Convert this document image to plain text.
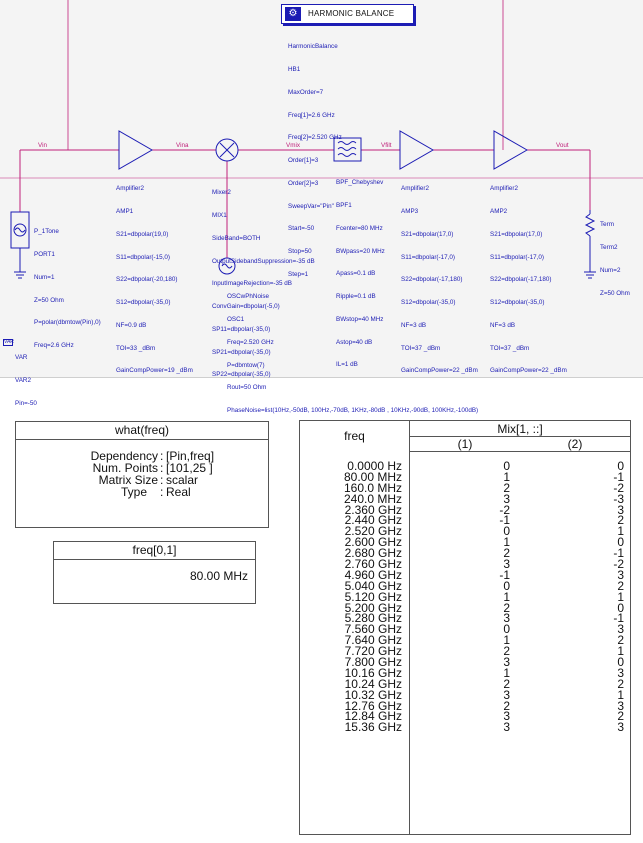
⚙	HARMONIC BALANCE

HarmonicBalance

HB1

MaxOrder=7

Freq[1]=2.6 GHz

Freq[2]=2.520 GHz

Order[1]=3

Order[2]=3

SweepVar="Pin"

Start=-50

Stop=50

Step=1

Vin	Vina	Vmix	Vfilt	Vout

P_1Tone

PORT1

Num=1

Z=50 Ohm

P=polar(dbmtow(Pin),0)

Freq=2.6 GHz

Amplifier2

AMP1

S21=dbpolar(19,0)

S11=dbpolar(-15,0)

S22=dbpolar(-20,180)

S12=dbpolar(-35,0)

NF=0.9 dB

TOI=33 _dBm

GainCompPower=19 _dBm

Mixer2

MIX1

SideBand=BOTH

OutputSidebandSuppression=-35 dB

InputImageRejection=-35 dB

ConvGain=dbpolar(-5,0)

SP11=dbpolar(-35,0)

SP21=dbpolar(-35,0)

SP22=dbpolar(-35,0)

BPF_Chebyshev

BPF1

Fcenter=80 MHz

BWpass=20 MHz

Apass=0.1 dB

Ripple=0.1 dB

BWstop=40 MHz

Astop=40 dB

IL=1 dB

Amplifier2

AMP3

S21=dbpolar(17,0)

S11=dbpolar(-17,0)

S22=dbpolar(-17,180)

S12=dbpolar(-35,0)

NF=3 dB

TOI=37 _dBm

GainCompPower=22 _dBm

Amplifier2

AMP2

S21=dbpolar(17,0)

S11=dbpolar(-17,0)

S22=dbpolar(-17,180)

S12=dbpolar(-35,0)

NF=3 dB

TOI=37 _dBm

GainCompPower=22 _dBm

Term

Term2

Num=2

Z=50 Ohm

OSCwPhNoise

OSC1

Freq=2.520 GHz

P=dbmtow(7)

Rout=50 Ohm

PhaseNoise=list(10Hz,-50dB, 100Hz,-70dB, 1KHz,-80dB , 10KHz,-90dB, 100KHz,-100dB)

VAR

VAR

VAR2

Pin=-50

what(freq)
Dependency : [Pin,freq]
Num. Points : [101,25 ]
Matrix Size : scalar
Type : Real
freq[0,1]
80.00 MHz
freq	Mix[1, ::]
(1)	(2)
0.0000 Hz	0	0
80.00 MHz	1	-1
160.0 MHz	2	-2
240.0 MHz	3	-3
2.360 GHz	-2	3
2.440 GHz	-1	2
2.520 GHz	0	1
2.600 GHz	1	0
2.680 GHz	2	-1
2.760 GHz	3	-2
4.960 GHz	-1	3
5.040 GHz	0	2
5.120 GHz	1	1
5.200 GHz	2	0
5.280 GHz	3	-1
7.560 GHz	0	3
7.640 GHz	1	2
7.720 GHz	2	1
7.800 GHz	3	0
10.16 GHz	1	3
10.24 GHz	2	2
10.32 GHz	3	1
12.76 GHz	2	3
12.84 GHz	3	2
15.36 GHz	3	3
